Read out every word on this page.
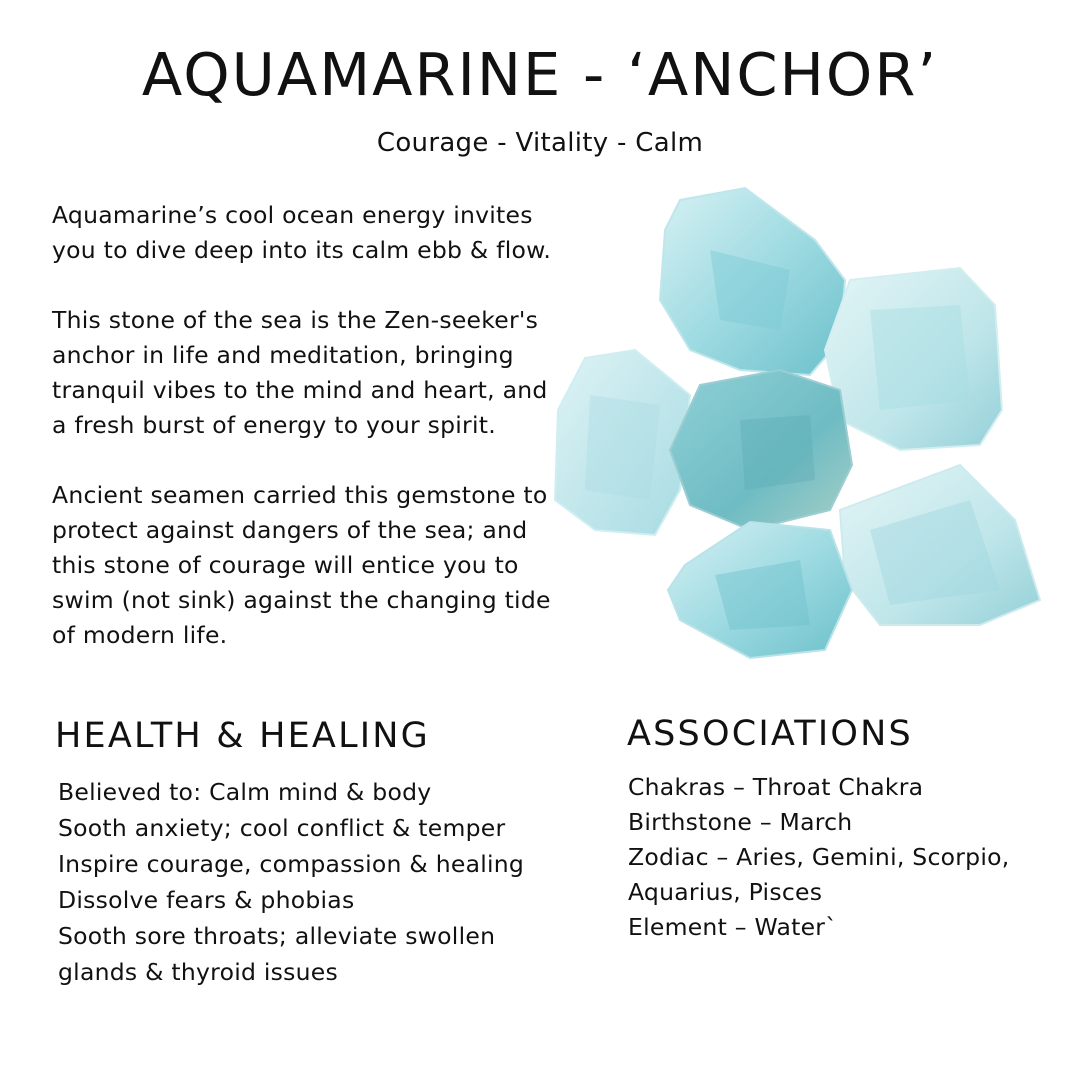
AQUAMARINE - ‘ANCHOR’
Courage - Vitality - Calm
Aquamarine’s cool ocean energy invites
you to dive deep into its calm ebb & flow.
This stone of the sea is the Zen-seeker's
anchor in life and meditation, bringing
tranquil vibes to the mind and heart, and
a fresh burst of energy to your spirit.
Ancient seamen carried this gemstone to
protect against dangers of the sea; and
this stone of courage will entice you to
swim (not sink) against the changing tide
of modern life.
HEALTH & HEALING
Believed to: Calm mind & body
Sooth anxiety; cool conflict & temper
Inspire courage, compassion & healing
Dissolve fears & phobias
Sooth sore throats; alleviate swollen
glands & thyroid issues
ASSOCIATIONS
Chakras – Throat Chakra
Birthstone – March
Zodiac – Aries, Gemini, Scorpio,
Aquarius, Pisces
Element – Water`
